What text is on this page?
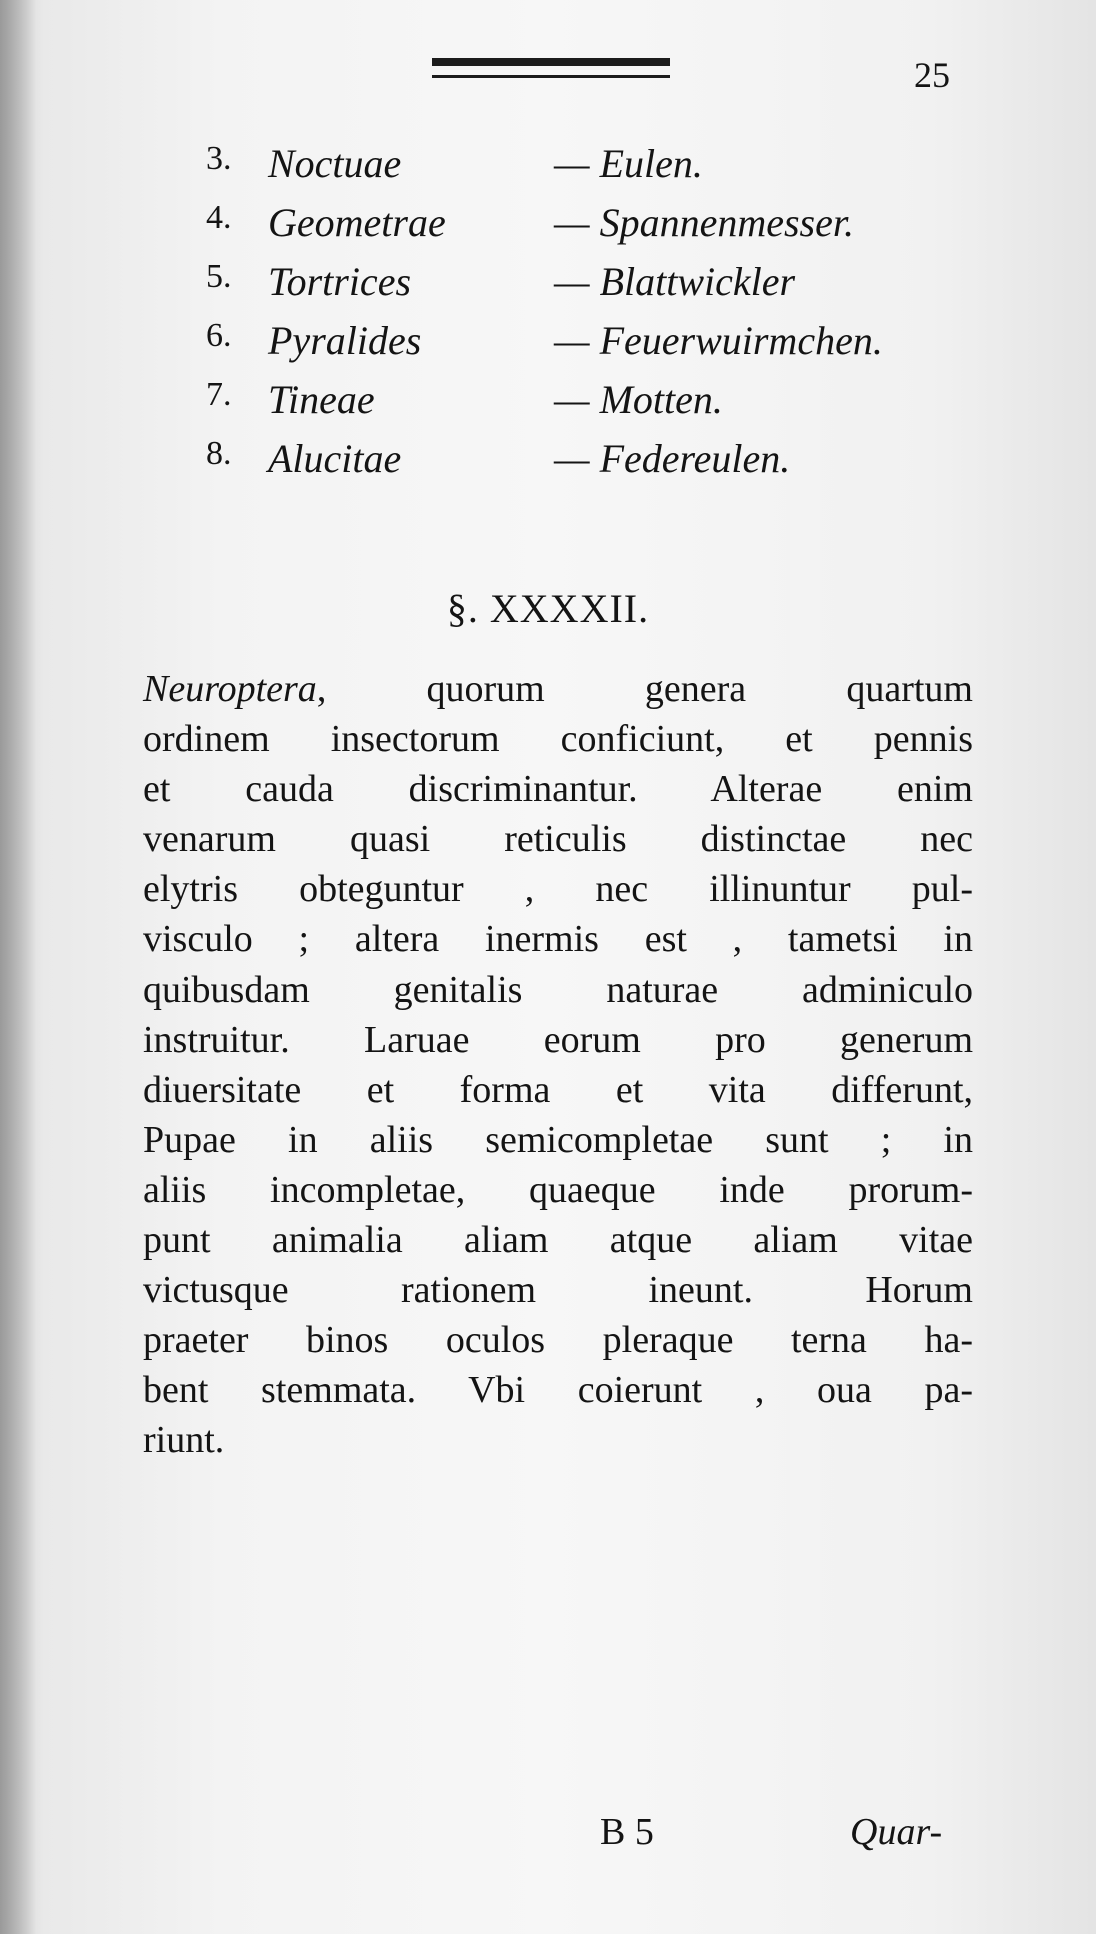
25
3. Noctuae	— Eulen.
4. Geometrae	— Spannenmesser.
5. Tortrices	— Blattwickler
6. Pyralides	— Feuerwuirmchen.
7. Tineae	— Motten.
8. Alucitae	— Federeulen.
§. XXXXII.
Neuroptera, quorum genera quartum
ordinem insectorum conficiunt, et pennis
et cauda discriminantur. Alterae enim
venarum quasi reticulis distinctae nec
elytris obteguntur , nec illinuntur pul-
visculo ; altera inermis est , tametsi in
quibusdam genitalis naturae adminiculo
instruitur. Laruae eorum pro generum
diuersitate et forma et vita differunt,
Pupae in aliis semicompletae sunt ; in
aliis incompletae, quaeque inde prorum-
punt animalia aliam atque aliam vitae
victusque rationem ineunt. Horum
praeter binos oculos pleraque terna ha-
bent stemmata. Vbi coierunt , oua pa-
riunt.
B 5	Quar-
